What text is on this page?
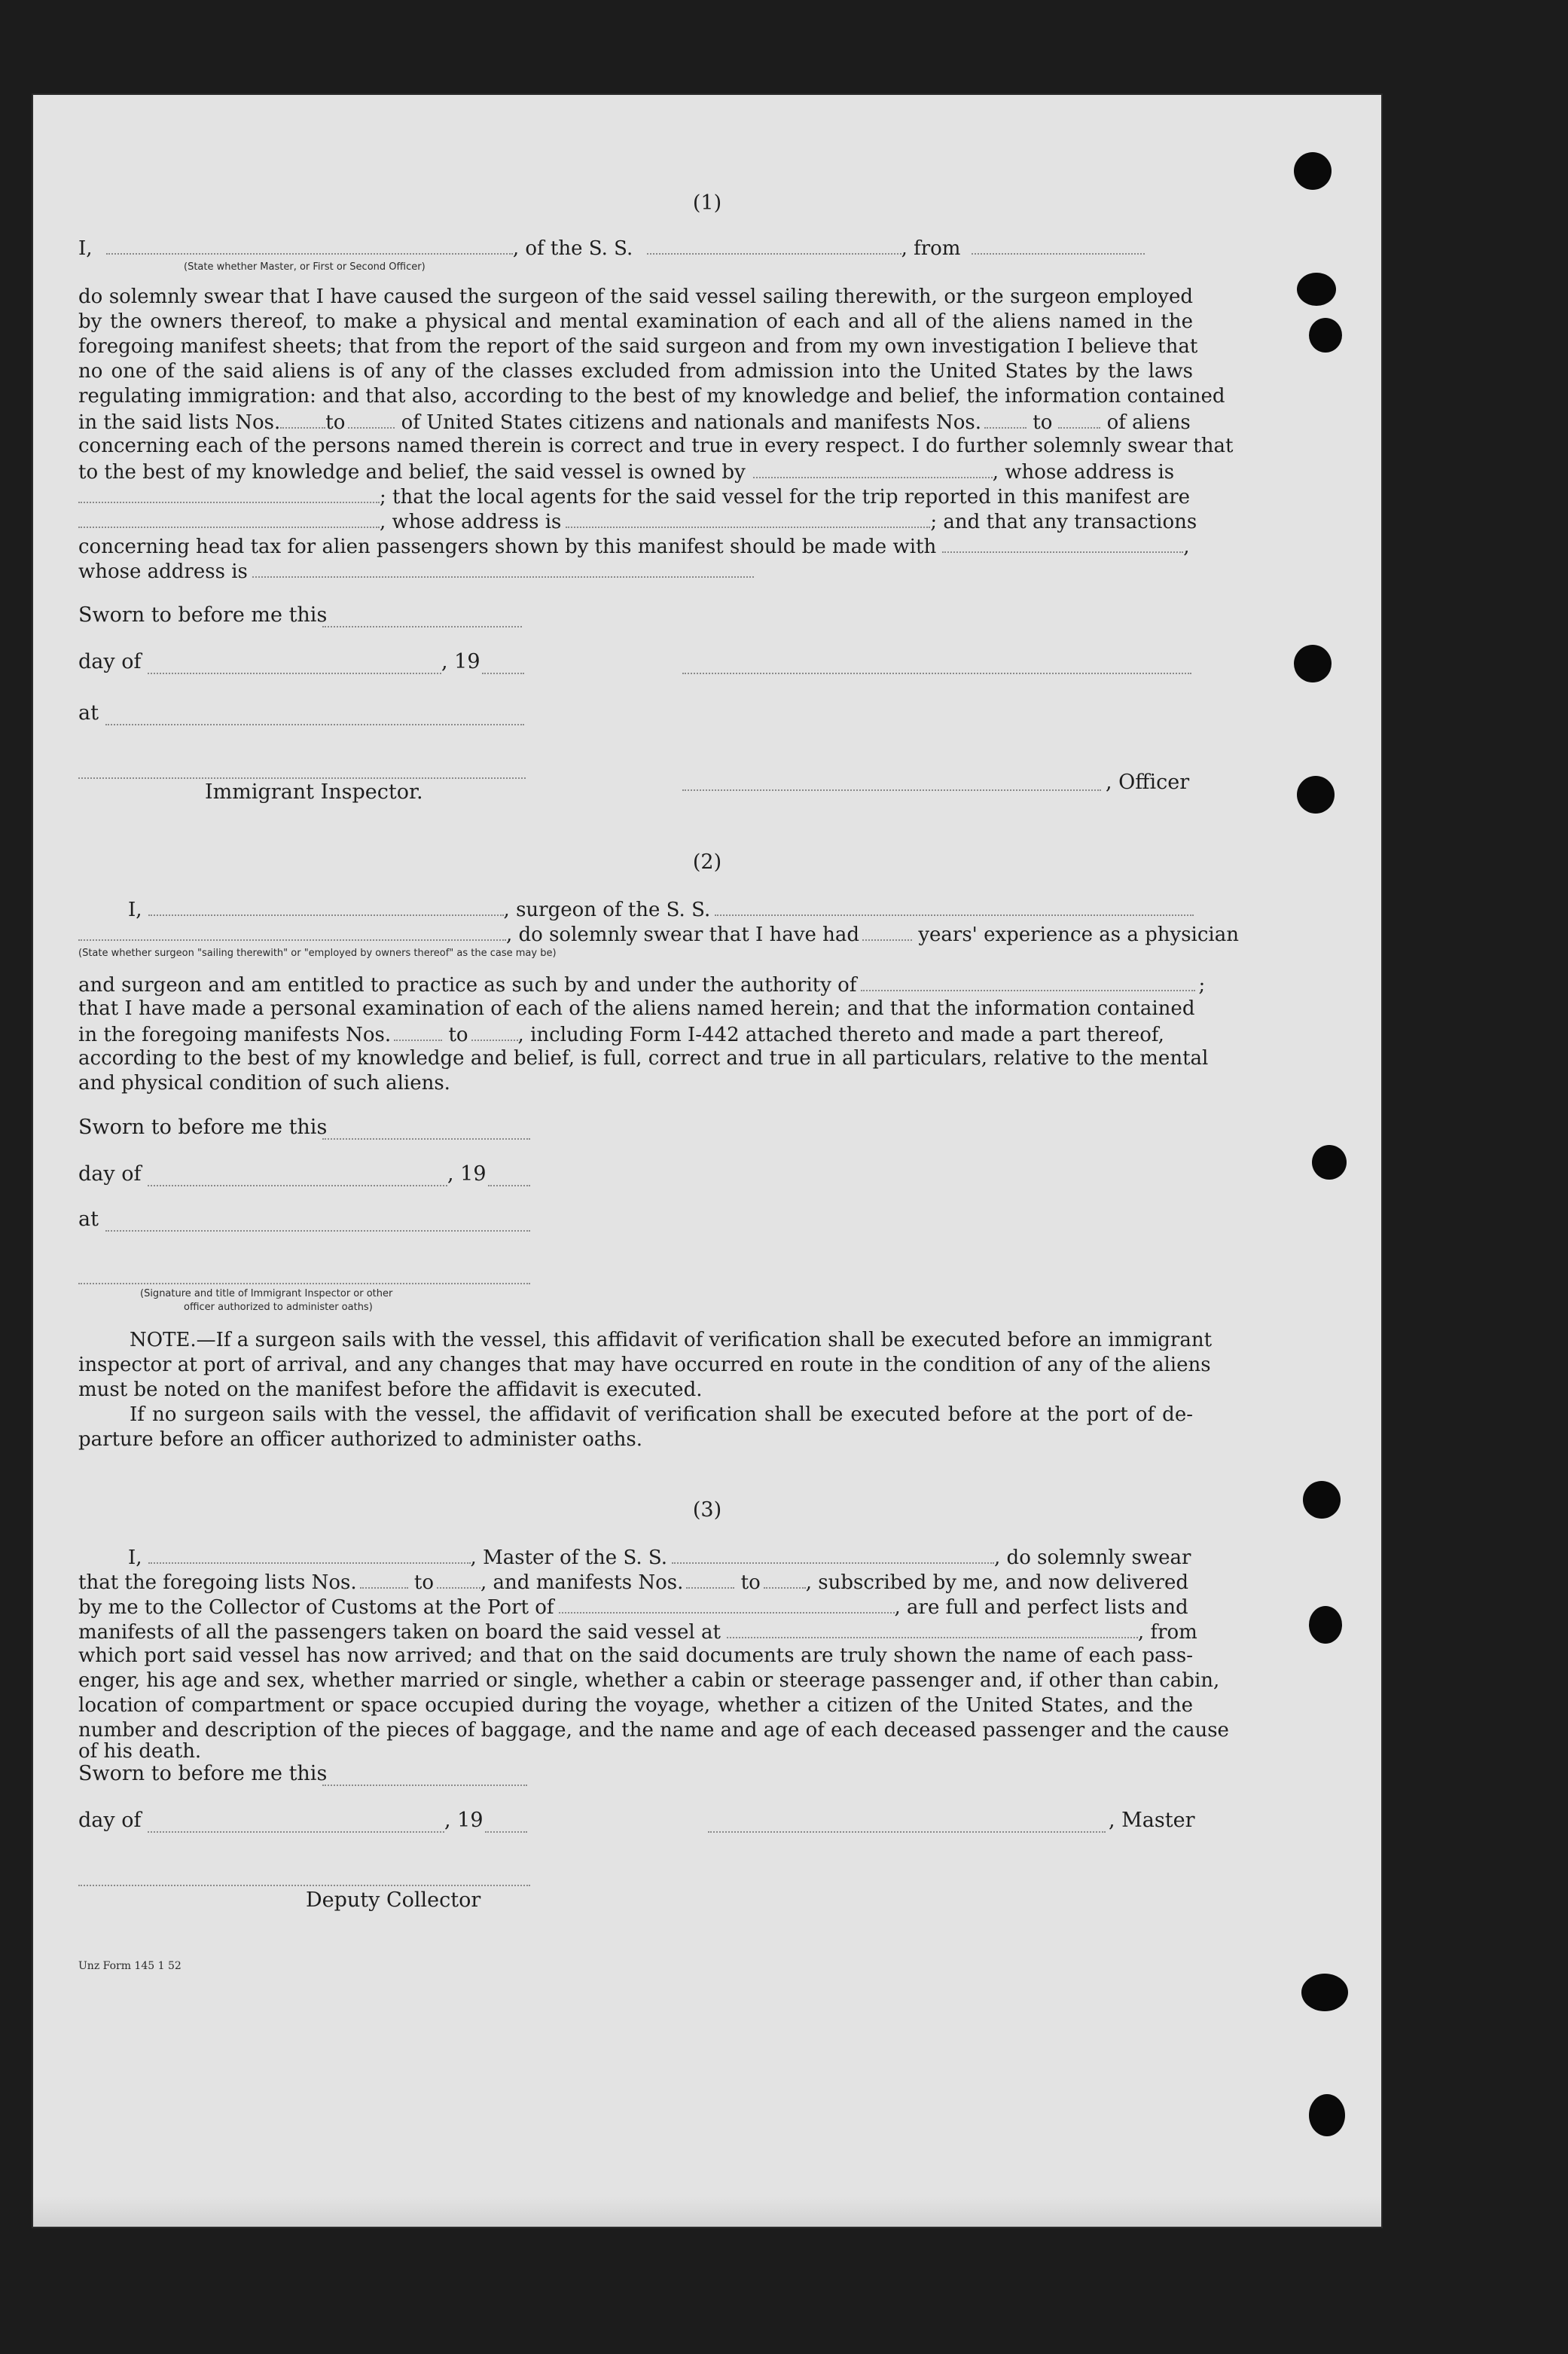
(1)
I,	, of the S. S.	, from
(State whether Master, or First or Second Officer)
do solemnly swear that I have caused the surgeon of the said vessel sailing therewith, or the surgeon employed
by the owners thereof, to make a physical and mental examination of each and all of the aliens named in the
foregoing manifest sheets; that from the report of the said surgeon and from my own investigation I believe that
no one of the said aliens is of any of the classes excluded from admission into the United States by the laws
regulating immigration: and that also, according to the best of my knowledge and belief, the information contained
in the said lists Nos. to	of United States citizens and nationals and manifests Nos.	to	of aliens
concerning each of the persons named therein is correct and true in every respect. I do further solemnly swear that
to the best of my knowledge and belief, the said vessel is owned by	, whose address is
; that the local agents for the said vessel for the trip reported in this manifest are
, whose address is	; and that any transactions
concerning head tax for alien passengers shown by this manifest should be made with	,
whose address is
Sworn to before me this
day of	, 19
at
Immigrant Inspector.	, Officer
(2)
I,	, surgeon of the S. S.
, do solemnly swear that I have had	years' experience as a physician
(State whether surgeon "sailing therewith" or "employed by owners thereof" as the case may be)
and surgeon and am entitled to practice as such by and under the authority of	;
that I have made a personal examination of each of the aliens named herein; and that the information contained
in the foregoing manifests Nos.	to	, including Form I-442 attached thereto and made a part thereof,
according to the best of my knowledge and belief, is full, correct and true in all particulars, relative to the mental
and physical condition of such aliens.
Sworn to before me this
day of	, 19
at
(Signature and title of Immigrant Inspector or other
officer authorized to administer oaths)
NOTE.—If a surgeon sails with the vessel, this affidavit of verification shall be executed before an immigrant
inspector at port of arrival, and any changes that may have occurred en route in the condition of any of the aliens
must be noted on the manifest before the affidavit is executed.
If no surgeon sails with the vessel, the affidavit of verification shall be executed before at the port of de-
parture before an officer authorized to administer oaths.
(3)
I,	, Master of the S. S.	, do solemnly swear
that the foregoing lists Nos.	to , and manifests Nos.	to , subscribed by me, and now delivered
by me to the Collector of Customs at the Port of	, are full and perfect lists and
manifests of all the passengers taken on board the said vessel at	, from
which port said vessel has now arrived; and that on the said documents are truly shown the name of each pass-
enger, his age and sex, whether married or single, whether a cabin or steerage passenger and, if other than cabin,
location of compartment or space occupied during the voyage, whether a citizen of the United States, and the
number and description of the pieces of baggage, and the name and age of each deceased passenger and the cause
of his death.
Sworn to before me this
day of	, 19	, Master
Deputy Collector
Unz Form 145 1 52
